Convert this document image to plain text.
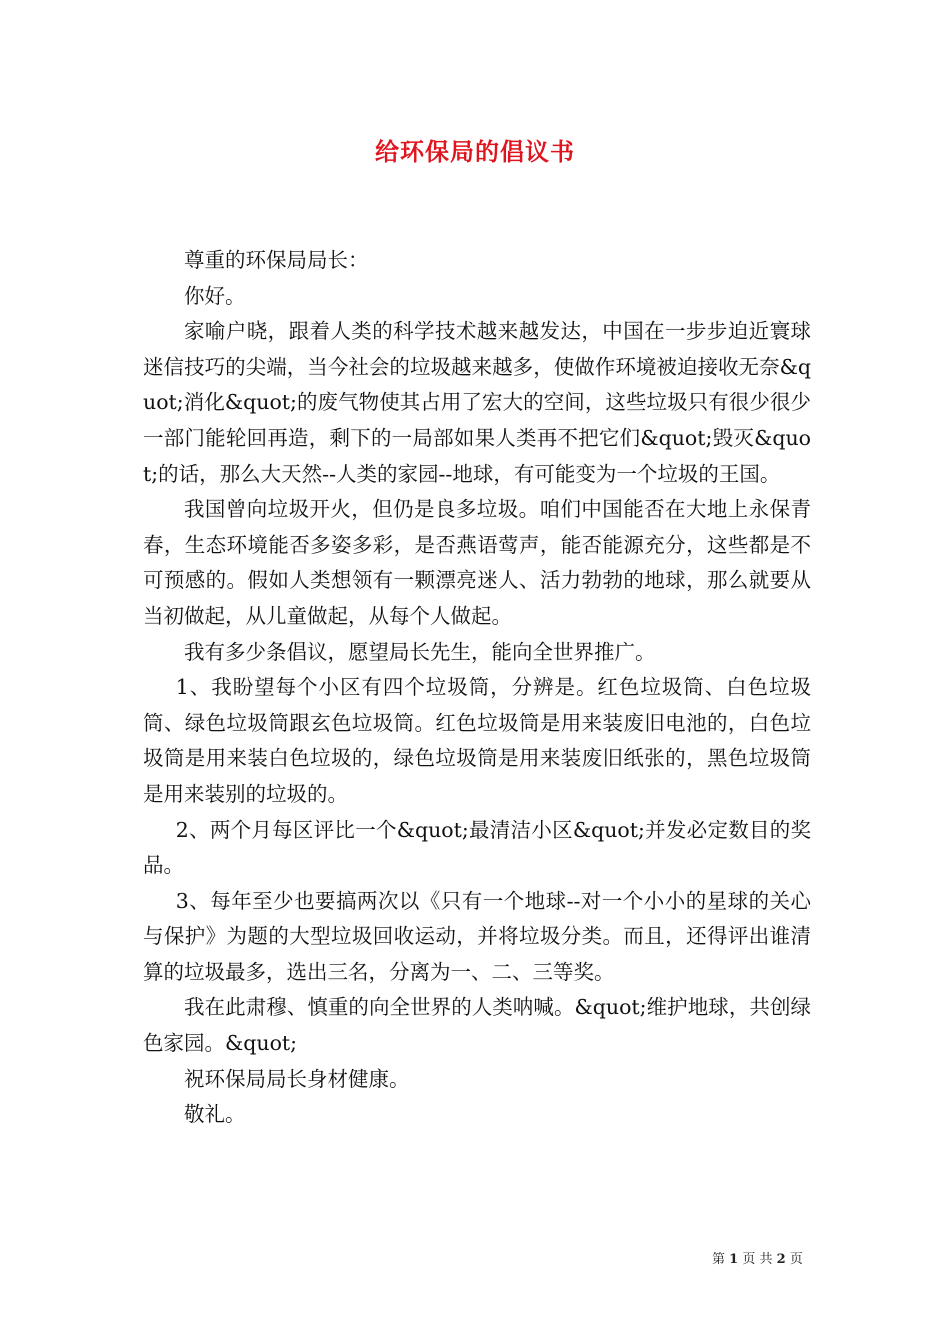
给环保局的倡议书

尊重的环保局局长：

你好。

家喻户晓，跟着人类的科学技术越来越发达，中国在一步步迫近寰球迷信技巧的尖端，当今社会的垃圾越来越多，使做作环境被迫接收无奈&quot;消化&quot;的废气物使其占用了宏大的空间，这些垃圾只有很少很少一部门能轮回再造，剩下的一局部如果人类再不把它们&quot;毁灭&quot;的话，那么大天然--人类的家园--地球，有可能变为一个垃圾的王国。

我国曾向垃圾开火，但仍是良多垃圾。咱们中国能否在大地上永保青春，生态环境能否多姿多彩，是否燕语莺声，能否能源充分，这些都是不可预感的。假如人类想领有一颗漂亮迷人、活力勃勃的地球，那么就要从当初做起，从儿童做起，从每个人做起。

我有多少条倡议，愿望局长先生，能向全世界推广。

1、我盼望每个小区有四个垃圾筒，分辨是。红色垃圾筒、白色垃圾筒、绿色垃圾筒跟玄色垃圾筒。红色垃圾筒是用来装废旧电池的，白色垃圾筒是用来装白色垃圾的，绿色垃圾筒是用来装废旧纸张的，黑色垃圾筒是用来装别的垃圾的。

2、两个月每区评比一个&quot;最清洁小区&quot;并发必定数目的奖品。

3、每年至少也要搞两次以《只有一个地球--对一个小小的星球的关心与保护》为题的大型垃圾回收运动，并将垃圾分类。而且，还得评出谁清算的垃圾最多，选出三名，分离为一、二、三等奖。

我在此肃穆、慎重的向全世界的人类呐喊。&quot;维护地球，共创绿色家园。&quot;

祝环保局局长身材健康。

敬礼。

第 1 页 共 2 页
